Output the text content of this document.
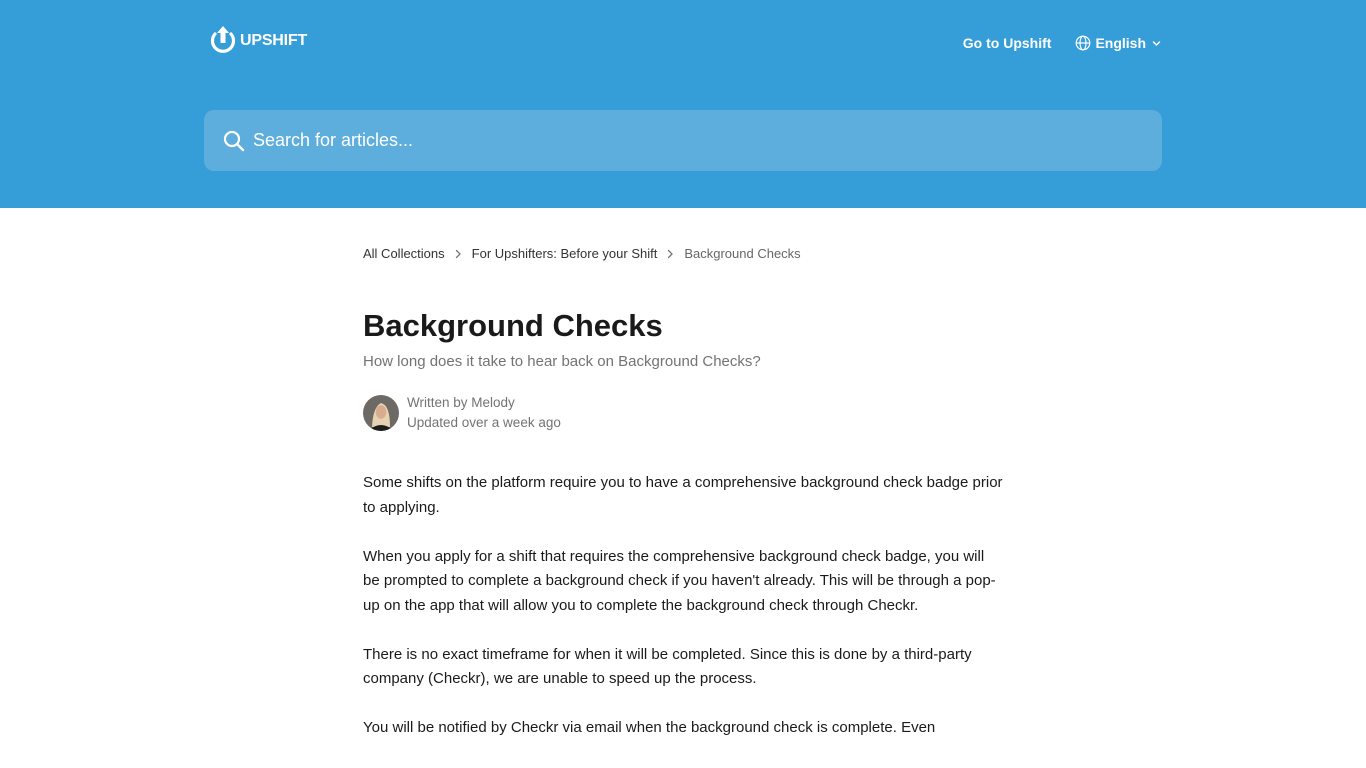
UPSHIFT	Go to Upshift	English
Search for articles...
All Collections For Upshifters: Before your Shift Background Checks
Background Checks
How long does it take to hear back on Background Checks?
Written by Melody
Updated over a week ago

Some shifts on the platform require you to have a comprehensive background check badge prior to applying.

When you apply for a shift that requires the comprehensive background check badge, you will be prompted to complete a background check if you haven't already. This will be through a pop-up on the app that will allow you to complete the background check through Checkr.

There is no exact timeframe for when it will be completed. Since this is done by a third-party company (Checkr), we are unable to speed up the process.

You will be notified by Checkr via email when the background check is complete. Even
